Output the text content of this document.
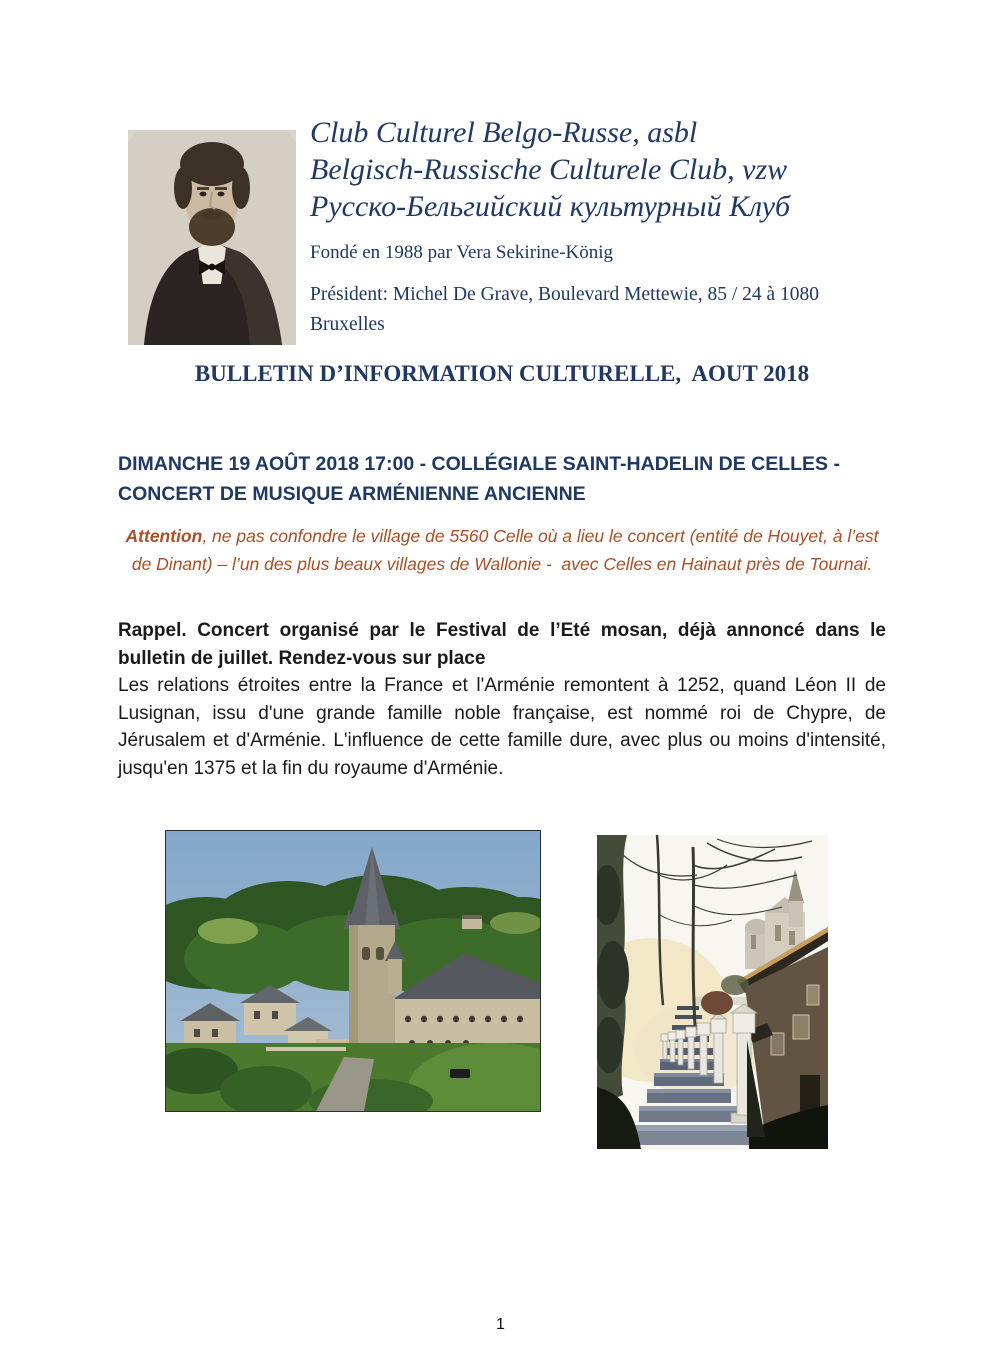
Club Culturel Belgo-Russe, asbl
Belgisch-Russische Culturele Club, vzw
Русско-Бельгийский культурный Клуб
Fondé en 1988 par Vera Sekirine-König
Président: Michel De Grave, Boulevard Mettewie, 85 / 24 à 1080 Bruxelles
BULLETIN D’INFORMATION CULTURELLE,  AOUT 2018
DIMANCHE 19 AOÛT 2018 17:00 - COLLÉGIALE SAINT-HADELIN DE CELLES - CONCERT DE MUSIQUE ARMÉNIENNE ANCIENNE
Attention, ne pas confondre le village de 5560 Celle où a lieu le concert (entité de Houyet, à l’est de Dinant) – l’un des plus beaux villages de Wallonie -  avec Celles en Hainaut près de Tournai.

Rappel. Concert organisé par le Festival de l’Eté mosan, déjà annoncé dans le bulletin de juillet. Rendez-vous sur place

Les relations étroites entre la France et l'Arménie remontent à 1252, quand Léon II de Lusignan, issu d'une grande famille noble française, est nommé roi de Chypre, de Jérusalem et d'Arménie. L'influence de cette famille dure, avec plus ou moins d'intensité, jusqu'en 1375 et la fin du royaume d'Arménie.

1
